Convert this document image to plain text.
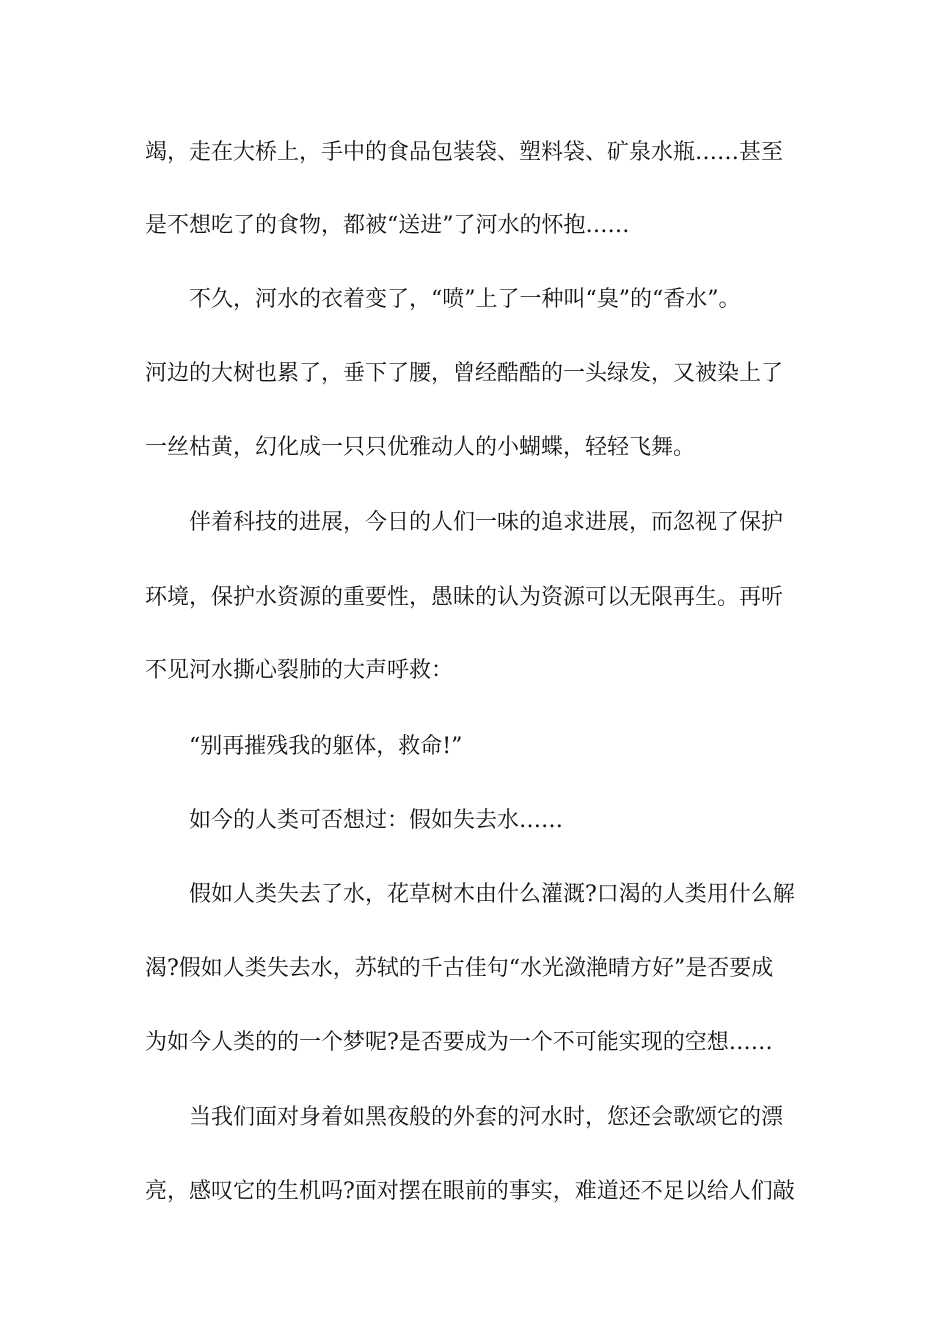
竭，走在大桥上，手中的食品包装袋、塑料袋、矿泉水瓶……甚至
是不想吃了的食物，都被“送进”了河水的怀抱……
不久，河水的衣着变了，“喷”上了一种叫“臭”的“香水”。
河边的大树也累了，垂下了腰，曾经酷酷的一头绿发，又被染上了
一丝枯黄，幻化成一只只优雅动人的小蝴蝶，轻轻飞舞。
伴着科技的进展，今日的人们一味的追求进展，而忽视了保护
环境，保护水资源的重要性，愚昧的认为资源可以无限再生。再听
不见河水撕心裂肺的大声呼救：
“别再摧残我的躯体，救命!”
如今的人类可否想过：假如失去水……
假如人类失去了水，花草树木由什么灌溉?口渴的人类用什么解
渴?假如人类失去水，苏轼的千古佳句“水光潋滟晴方好”是否要成
为如今人类的的一个梦呢?是否要成为一个不可能实现的空想……
当我们面对身着如黑夜般的外套的河水时，您还会歌颂它的漂
亮，感叹它的生机吗?面对摆在眼前的事实，难道还不足以给人们敲
